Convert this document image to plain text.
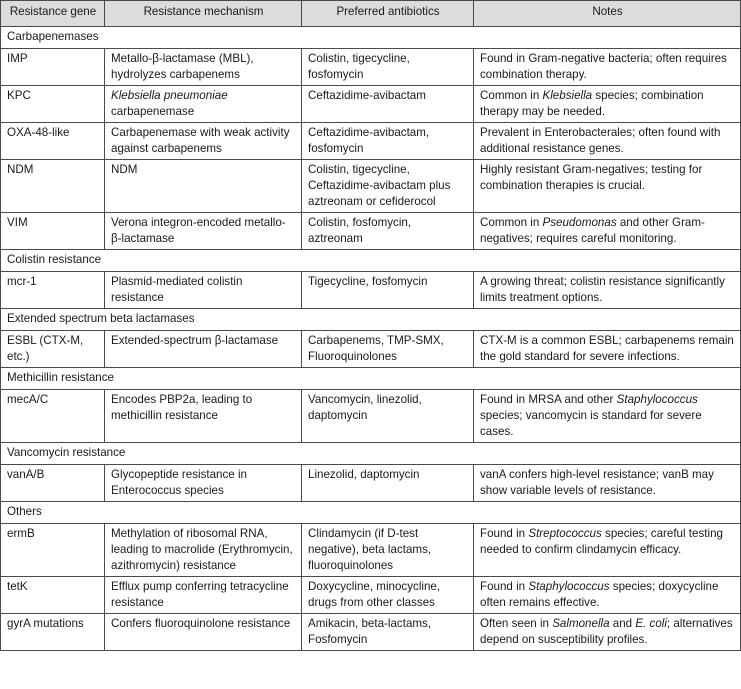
Resistance gene	Resistance mechanism	Preferred antibiotics	Notes
Carbapenemases			
IMP	Metallo-β-lactamase (MBL), hydrolyzes carbapenems	Colistin, tigecycline, fosfomycin	Found in Gram-negative bacteria; often requires combination therapy.
KPC	Klebsiella pneumoniae carbapenemase	Ceftazidime-avibactam	Common in Klebsiella species; combination therapy may be needed.
OXA-48-like	Carbapenemase with weak activity against carbapenems	Ceftazidime-avibactam, fosfomycin	Prevalent in Enterobacterales; often found with additional resistance genes.
NDM	NDM	Colistin, tigecycline, Ceftazidime-avibactam plus aztreonam or cefiderocol	Highly resistant Gram-negatives; testing for combination therapies is crucial.
VIM	Verona integron-encoded metallo-β-lactamase	Colistin, fosfomycin, aztreonam	Common in Pseudomonas and other Gram-negatives; requires careful monitoring.
Colistin resistance			
mcr-1	Plasmid-mediated colistin resistance	Tigecycline, fosfomycin	A growing threat; colistin resistance significantly limits treatment options.
Extended spectrum beta lactamases			
ESBL (CTX-M, etc.)	Extended-spectrum β-lactamase	Carbapenems, TMP-SMX, Fluoroquinolones	CTX-M is a common ESBL; carbapenems remain the gold standard for severe infections.
Methicillin resistance			
mecA/C	Encodes PBP2a, leading to methicillin resistance	Vancomycin, linezolid, daptomycin	Found in MRSA and other Staphylococcus species; vancomycin is standard for severe cases.
Vancomycin resistance			
vanA/B	Glycopeptide resistance in Enterococcus species	Linezolid, daptomycin	vanA confers high-level resistance; vanB may show variable levels of resistance.
Others			
ermB	Methylation of ribosomal RNA, leading to macrolide (Erythromycin, azithromycin) resistance	Clindamycin (if D-test negative), beta lactams, fluoroquinolones	Found in Streptococcus species; careful testing needed to confirm clindamycin efficacy.
tetK	Efflux pump conferring tetracycline resistance	Doxycycline, minocycline, drugs from other classes	Found in Staphylococcus species; doxycycline often remains effective.
gyrA mutations	Confers fluoroquinolone resistance	Amikacin, beta-lactams, Fosfomycin	Often seen in Salmonella and E. coli; alternatives depend on susceptibility profiles.
